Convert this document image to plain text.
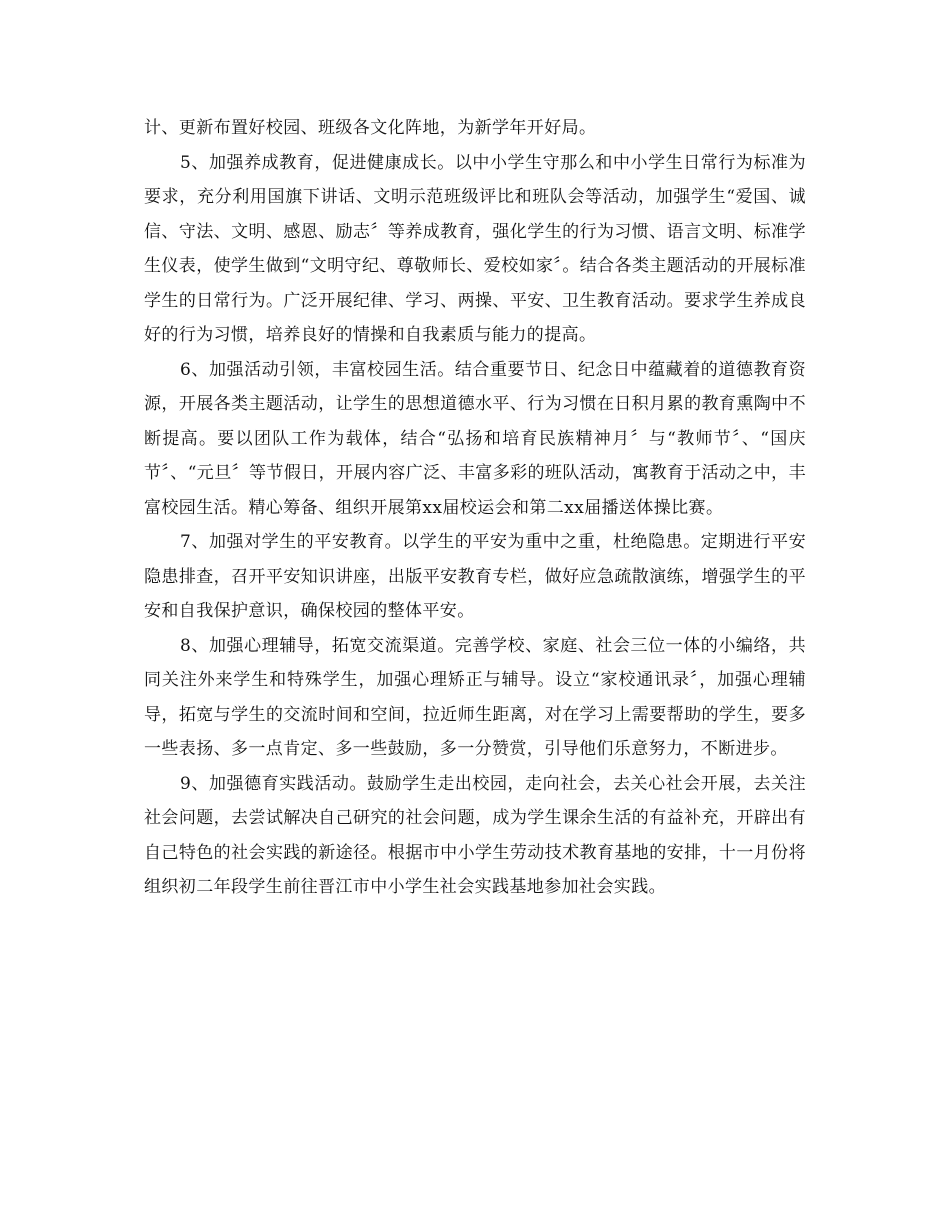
计、更新布置好校园、班级各文化阵地，为新学年开好局。

5、加强养成教育，促进健康成长。以中小学生守那么和中小学生日常行为标准为要求，充分利用国旗下讲话、文明示范班级评比和班队会等活动，加强学生“爱国、诚信、守法、文明、感恩、励志〞等养成教育，强化学生的行为习惯、语言文明、标准学生仪表，使学生做到“文明守纪、尊敬师长、爱校如家〞。结合各类主题活动的开展标准学生的日常行为。广泛开展纪律、学习、两操、平安、卫生教育活动。要求学生养成良好的行为习惯，培养良好的情操和自我素质与能力的提高。

6、加强活动引领，丰富校园生活。结合重要节日、纪念日中蕴藏着的道德教育资源，开展各类主题活动，让学生的思想道德水平、行为习惯在日积月累的教育熏陶中不断提高。要以团队工作为载体，结合“弘扬和培育民族精神月〞与“教师节〞、“国庆节〞、“元旦〞等节假日，开展内容广泛、丰富多彩的班队活动，寓教育于活动之中，丰富校园生活。精心筹备、组织开展第xx届校运会和第二xx届播送体操比赛。

7、加强对学生的平安教育。以学生的平安为重中之重，杜绝隐患。定期进行平安隐患排查，召开平安知识讲座，出版平安教育专栏，做好应急疏散演练，增强学生的平安和自我保护意识，确保校园的整体平安。

8、加强心理辅导，拓宽交流渠道。完善学校、家庭、社会三位一体的小编络，共同关注外来学生和特殊学生，加强心理矫正与辅导。设立“家校通讯录〞，加强心理辅导，拓宽与学生的交流时间和空间，拉近师生距离，对在学习上需要帮助的学生，要多一些表扬、多一点肯定、多一些鼓励，多一分赞赏，引导他们乐意努力，不断进步。

9、加强德育实践活动。鼓励学生走出校园，走向社会，去关心社会开展，去关注社会问题，去尝试解决自己研究的社会问题，成为学生课余生活的有益补充，开辟出有自己特色的社会实践的新途径。根据市中小学生劳动技术教育基地的安排，十一月份将组织初二年段学生前往晋江市中小学生社会实践基地参加社会实践。
